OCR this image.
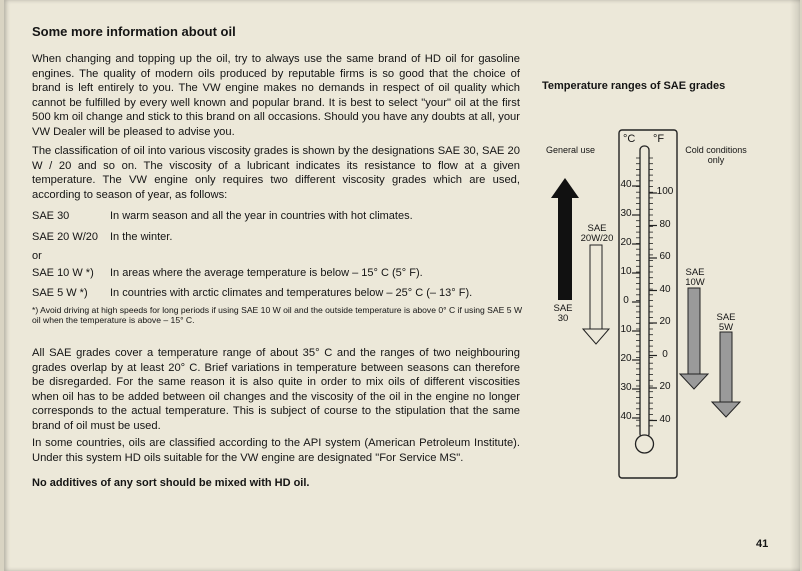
Some more information about oil

When changing and topping up the oil, try to always use the same brand of HD oil for gasoline engines. The quality of modern oils produced by reputable firms is so good that the choice of brand is left entirely to you. The VW engine makes no demands in respect of oil quality which cannot be fulfilled by every well known and popular brand. It is best to select "your" oil at the first 500 km oil change and stick to this brand on all occasions. Should you have any doubts at all, your VW Dealer will be pleased to advise you.

The classification of oil into various viscosity grades is shown by the designations SAE 30, SAE 20 W / 20 and so on. The viscosity of a lubricant indicates its resistance to flow at a given temperature. The VW engine only requires two different viscosity grades which are used, according to season of year, as follows:

SAE 30	In warm season and all the year in countries with hot climates.
SAE 20 W/20 In the winter.
or
SAE 10 W *) In areas where the average temperature is below – 15° C (5° F).
SAE 5 W *) In countries with arctic climates and temperatures below – 25° C (– 13° F).
*) Avoid driving at high speeds for long periods if using SAE 10 W oil and the outside temperature is above 0° C if using SAE 5 W oil when the temperature is above – 15° C.

All SAE grades cover a temperature range of about 35° C and the ranges of two neighbouring grades overlap by at least 20° C. Brief variations in temperature between seasons can therefore be disregarded. For the same reason it is also quite in order to mix oils of different viscosities when oil has to be added between oil changes and the viscosity of the oil in the engine no longer corresponds to the actual temperature. This is subject of course to the stipulation that the same brand of oil must be used.

In some countries, oils are classified according to the API system (American Petroleum Institute). Under this system HD oils suitable for the VW engine are designated "For Service MS".

No additives of any sort should be mixed with HD oil.

41

Temperature ranges of SAE grades

General use	Cold conditions only
°C °F
SAE 30
SAE 20W/20
SAE 10W
SAE 5W
40
30
20
10
0
10
20
30
40
100
80
60
40
20
0
20
40
